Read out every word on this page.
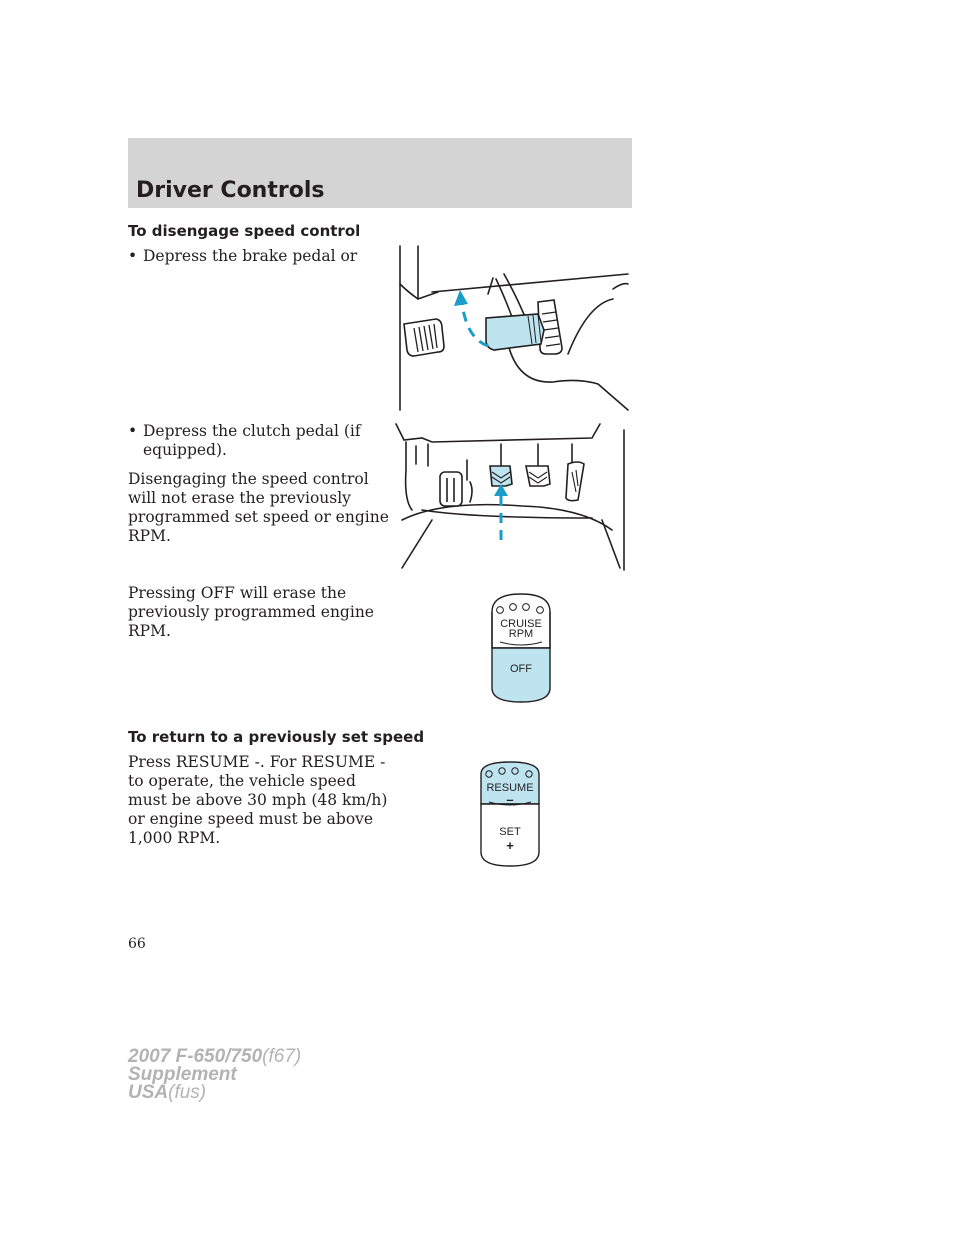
Driver Controls
To disengage speed control
• Depress the brake pedal or
• Depress the clutch pedal (if equipped).

Disengaging the speed control will not erase the previously programmed set speed or engine RPM.

Pressing OFF will erase the previously programmed engine RPM.

To return to a previously set speed

Press RESUME -. For RESUME - to operate, the vehicle speed must be above 30 mph (48 km/h) or engine speed must be above 1,000 RPM.

CRUISE
RPM
OFF
RESUME
–
SET
+

66

2007 F-650/750(f67)
Supplement
USA(fus)
